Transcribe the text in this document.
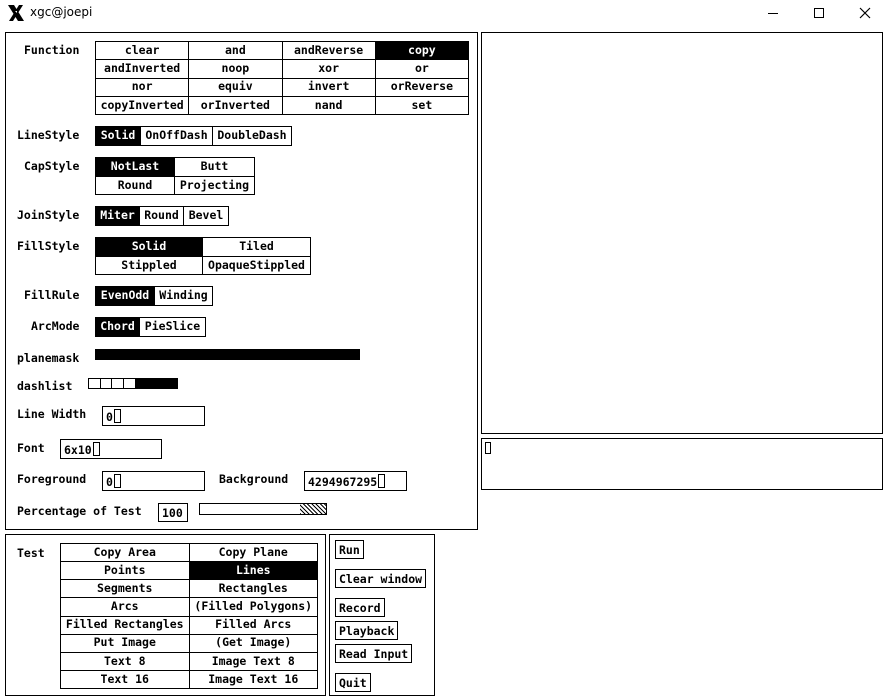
xgc@joepi
Function	clear	and	andReverse	copy
andInverted	noop	xor	or
nor	equiv	invert	orReverse
copyInverted	orInverted	nand	set
LineStyle	Solid OnOffDash DoubleDash
CapStyle	NotLast	Butt
Round	Projecting
JoinStyle	Miter Round Bevel
FillStyle	Solid	Tiled
Stippled	OpaqueStippled
FillRule	EvenOdd Winding
ArcMode	Chord PieSlice
planemask
dashlist
Line Width	0
Font	6x10
Foreground	0	Background	4294967295
Percentage of Test	100
Test	Copy Area	Copy Plane
Points	Lines
Segments	Rectangles
Arcs	(Filled Polygons)
Filled Rectangles	Filled Arcs
Put Image	(Get Image)
Text 8	Image Text 8
Text 16	Image Text 16
Run
Clear window
Record
Playback
Read Input
Quit
